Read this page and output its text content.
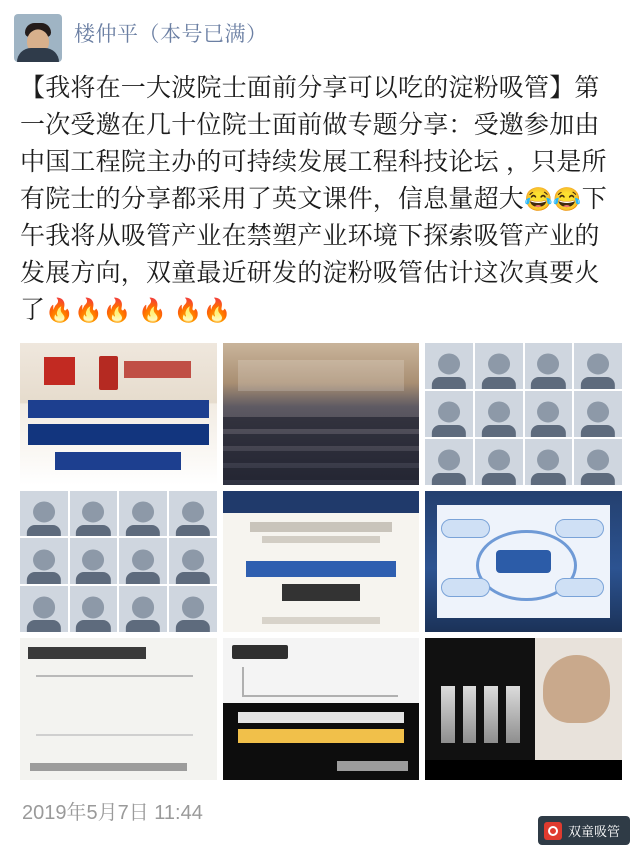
楼仲平（本号已满）
【我将在一大波院士面前分享可以吃的淀粉吸管】第一次受邀在几十位院士面前做专题分享：受邀参加由中国工程院主办的可持续发展工程科技论坛 ，只是所有院士的分享都采用了英文课件，信息量超大😂😂下午我将从吸管产业在禁塑产业环境下探索吸管产业的发展方向，双童最近研发的淀粉吸管估计这次真要火了🔥🔥🔥 🔥 🔥🔥
2019年5月7日 11:44
双童吸管
